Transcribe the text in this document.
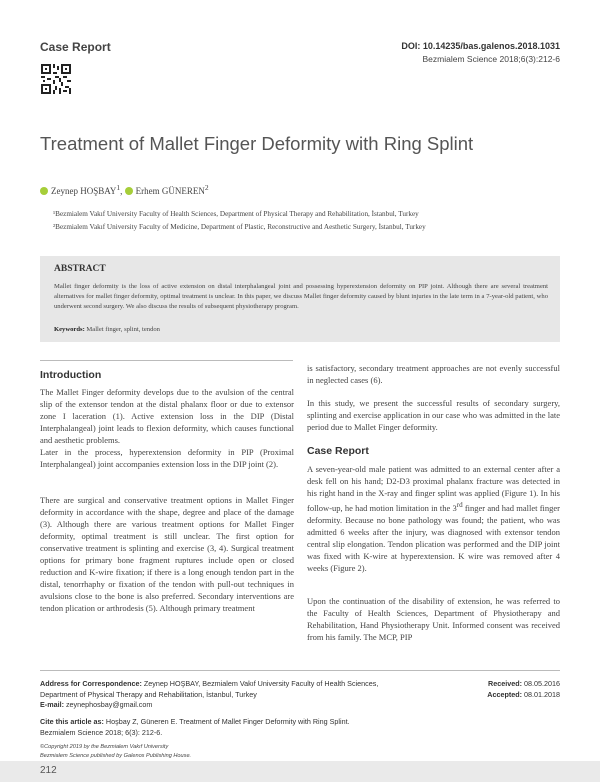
Case Report	DOI: 10.14235/bas.galenos.2018.1031
Bezmialem Science 2018;6(3):212-6
Treatment of Mallet Finger Deformity with Ring Splint
Zeynep HOŞBAY$^1$, Erhem GÜNEREN$^2$
¹Bezmialem Vakıf University Faculty of Health Sciences, Department of Physical Therapy and Rehabilitation, İstanbul, Turkey
²Bezmialem Vakıf University Faculty of Medicine, Department of Plastic, Reconstructive and Aesthetic Surgery, İstanbul, Turkey
ABSTRACT
Mallet finger deformity is the loss of active extension on distal interphalangeal joint and possessing hyperextension deformity on PIP joint. Although there are several treatment alternatives for mallet finger deformity, optimal treatment is unclear. In this paper, we discuss Mallet finger deformity caused by blunt injuries in the late term in a 7-year-old patient, who underwent second surgery. We also discuss the results of subsequent physiotherapy program.
Keywords: Mallet finger, splint, tendon
Introduction
The Mallet Finger deformity develops due to the avulsion of the central slip of the extensor tendon at the distal phalanx floor or due to extensor zone I laceration (1). Active extension loss in the DIP (Distal Interphalangeal) joint leads to flexion deformity, which causes functional and aesthetic problems.
Later in the process, hyperextension deformity in PIP (Proximal Interphalangeal) joint accompanies extension loss in the DIP joint (2).
There are surgical and conservative treatment options in Mallet Finger deformity in accordance with the shape, degree and place of the damage (3). Although there are various treatment options for Mallet Finger deformity, optimal treatment is still unclear. The first option for conservative treatment is splinting and exercise (3, 4). Surgical treatment options for primary bone fragment ruptures include open or closed reduction and K-wire fixation; if there is a long enough tendon part in the distal, tenorrhaphy or fixation of the tendon with pull-out techniques in avulsions close to the bone is also preferred. Secondary interventions are tendon plication or arthrodesis (5). Although primary treatment
is satisfactory, secondary treatment approaches are not evenly successful in neglected cases (6).
In this study, we present the successful results of secondary surgery, splinting and exercise application in our case who was admitted in the late period due to Mallet Finger deformity.
Case Report
A seven-year-old male patient was admitted to an external center after a desk fell on his hand; D2-D3 proximal phalanx fracture was detected in his right hand in the X-ray and finger splint was applied (Figure 1). In his follow-up, he had motion limitation in the 3rd finger and had mallet finger deformity. Because no bone pathology was found; the patient, who was admitted 6 weeks after the injury, was diagnosed with extensor tendon central slip elongation. Tendon plication was performed and the DIP joint was fixed with K-wire at hyperextension. K wire was removed after 4 weeks (Figure 2).
Upon the continuation of the disability of extension, he was referred to the Faculty of Health Sciences, Department of Physiotherapy and Rehabilitation, Hand Physiotherapy Unit. Informed consent was received from his family. The MCP, PIP
Address for Correspondence: Zeynep HOŞBAY, Bezmialem Vakıf University Faculty of Health Sciences,
Department of Physical Therapy and Rehabilitation, İstanbul, Turkey
E-mail: zeynephosbay@gmail.com
Received: 08.05.2016
Accepted: 08.01.2018
Cite this article as: Hoşbay Z, Güneren E. Treatment of Mallet Finger Deformity with Ring Splint.
Bezmialem Science 2018; 6(3): 212-6.
©Copyright 2019 by the Bezmialem Vakıf University
Bezmialem Science published by Galenos Publishing House.
212
